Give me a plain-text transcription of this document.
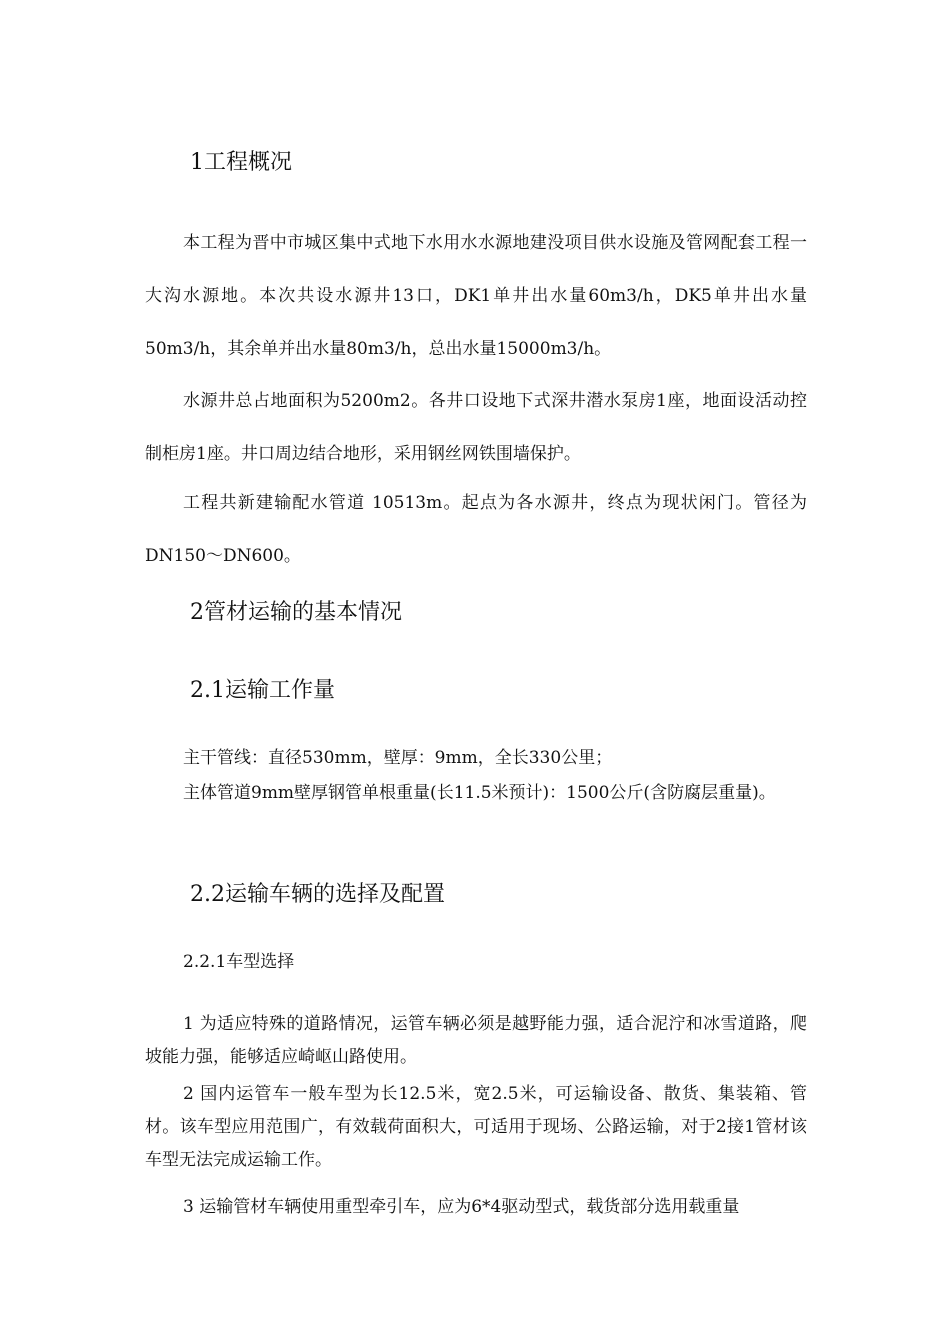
1工程概况

本工程为晋中市城区集中式地下水用水水源地建没项目供水设施及管网配套工程一大沟水源地。本次共设水源井13口，DK1单井出水量60m3/h，DK5单井出水量50m3/h，其余单并出水量80m3/h，总出水量15000m3/h。

水源井总占地面积为5200m2。各井口设地下式深井潜水泵房1座，地面设活动控制柜房1座。井口周边结合地形，采用钢丝网铁围墙保护。

工程共新建输配水管道 10513m。起点为各水源井，终点为现状闲门。管径为DN150～DN600。

2管材运输的基本情况
2.1运输工作量

主干管线：直径530mm，壁厚：9mm，全长330公里；

主体管道9mm壁厚钢管单根重量(长11.5米预计)：1500公斤(含防腐层重量)。

2.2运输车辆的选择及配置
2.2.1车型选择

1 为适应特殊的道路情况，运管车辆必须是越野能力强，适合泥泞和冰雪道路，爬坡能力强，能够适应崎岖山路使用。

2 国内运管车一般车型为长12.5米，宽2.5米，可运输设备、散货、集装箱、管材。该车型应用范围广，有效载荷面积大，可适用于现场、公路运输，对于2接1管材该车型无法完成运输工作。

3 运输管材车辆使用重型牵引车，应为6*4驱动型式，载货部分选用载重量
